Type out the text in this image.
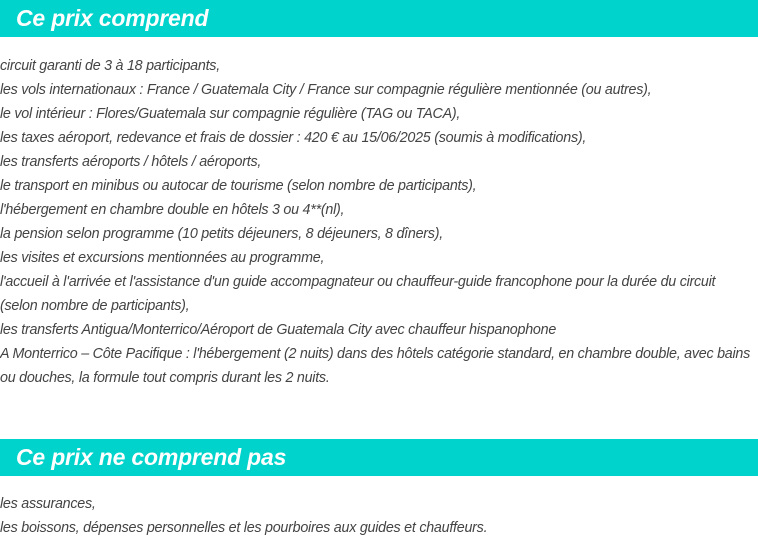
Ce prix comprend
circuit garanti de 3 à 18 participants,
les vols internationaux : France / Guatemala City / France sur compagnie régulière mentionnée (ou autres),
le vol intérieur : Flores/Guatemala sur compagnie régulière (TAG ou TACA),
les taxes aéroport, redevance et frais de dossier : 420 € au 15/06/2025 (soumis à modifications),
les transferts aéroports / hôtels / aéroports,
le transport en minibus ou autocar de tourisme (selon nombre de participants),
l'hébergement en chambre double en hôtels 3 ou 4**(nl),
la pension selon programme (10 petits déjeuners, 8 déjeuners, 8 dîners),
les visites et excursions mentionnées au programme,
l'accueil à l'arrivée et l'assistance d'un guide accompagnateur ou chauffeur-guide francophone pour la durée du circuit (selon nombre de participants),
les transferts Antigua/Monterrico/Aéroport de Guatemala City avec chauffeur hispanophone
A Monterrico – Côte Pacifique : l'hébergement (2 nuits) dans des hôtels catégorie standard, en chambre double, avec bains ou douches, la formule tout compris durant les 2 nuits.
Ce prix ne comprend pas
les assurances,
les boissons, dépenses personnelles et les pourboires aux guides et chauffeurs.
